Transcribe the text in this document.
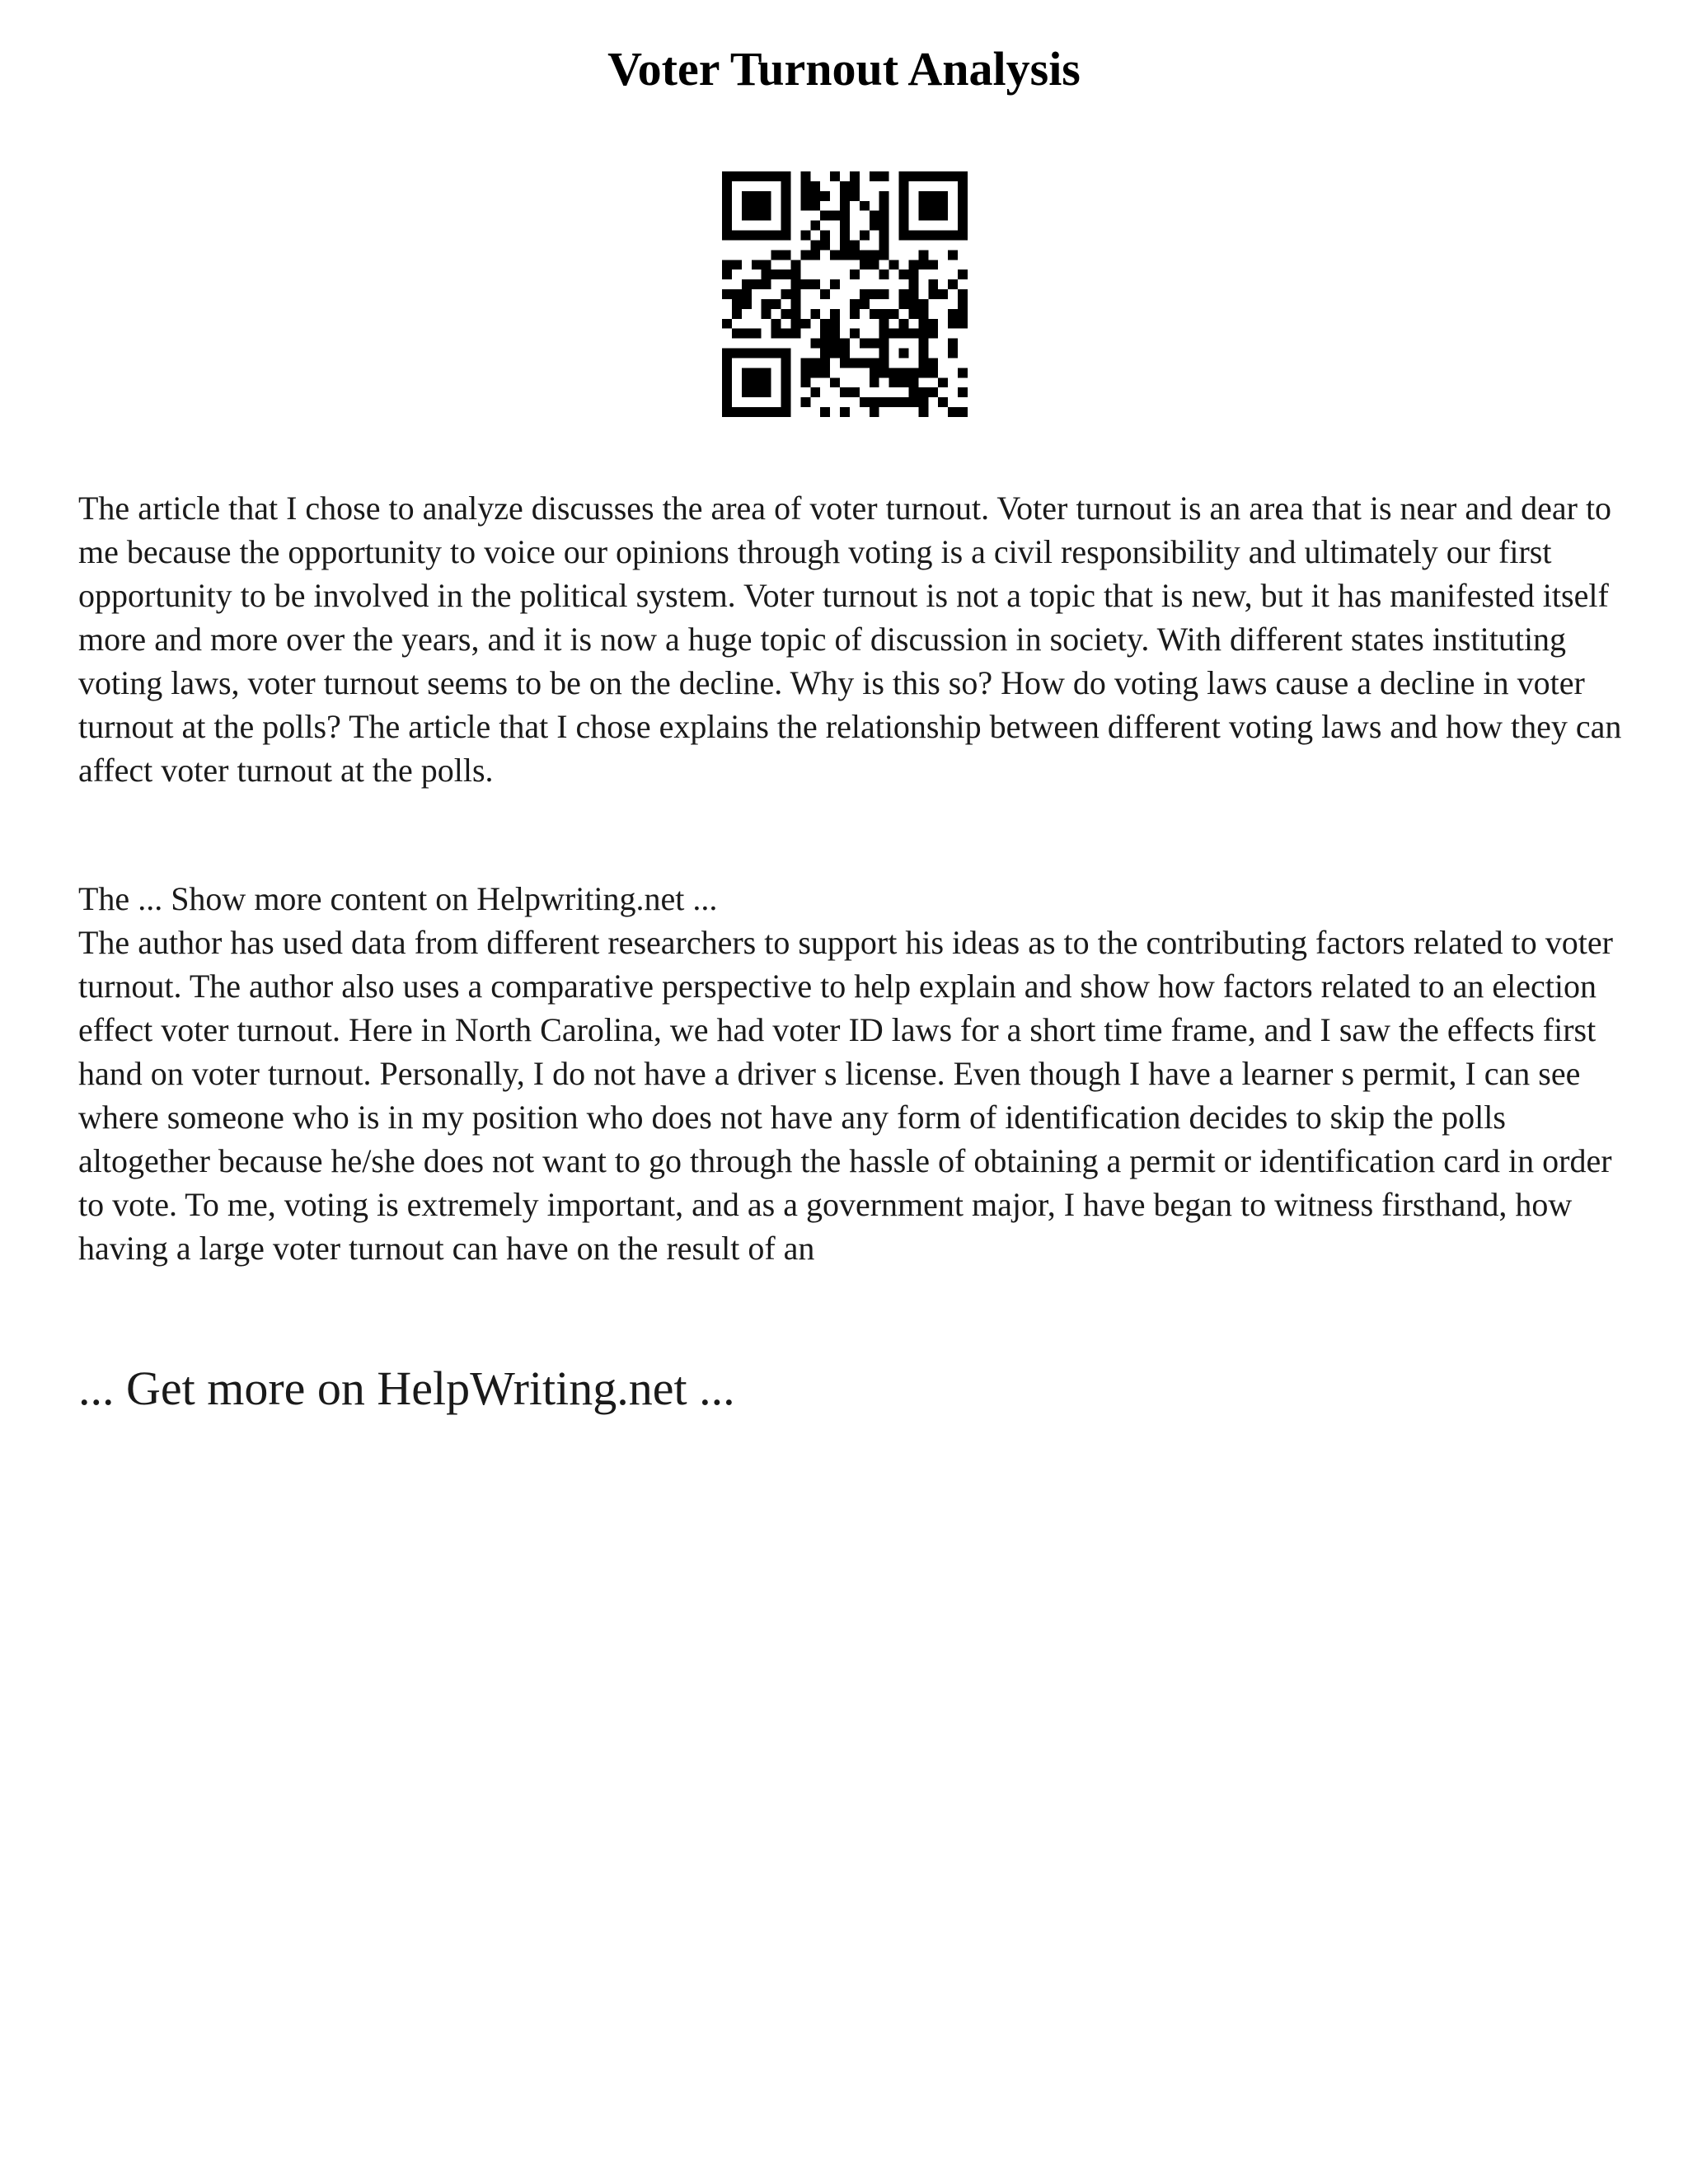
Voter Turnout Analysis

The article that I chose to analyze discusses the area of voter turnout. Voter turnout is an area that is near and dear to me because the opportunity to voice our opinions through voting is a civil responsibility and ultimately our first opportunity to be involved in the political system. Voter turnout is not a topic that is new, but it has manifested itself more and more over the years, and it is now a huge topic of discussion in society. With different states instituting voting laws, voter turnout seems to be on the decline. Why is this so? How do voting laws cause a decline in voter turnout at the polls? The article that I chose explains the relationship between different voting laws and how they can affect voter turnout at the polls.

The ... Show more content on Helpwriting.net ...

The author has used data from different researchers to support his ideas as to the contributing factors related to voter turnout. The author also uses a comparative perspective to help explain and show how factors related to an election effect voter turnout. Here in North Carolina, we had voter ID laws for a short time frame, and I saw the effects first hand on voter turnout. Personally, I do not have a driver s license. Even though I have a learner s permit, I can see where someone who is in my position who does not have any form of identification decides to skip the polls altogether because he/she does not want to go through the hassle of obtaining a permit or identification card in order to vote. To me, voting is extremely important, and as a government major, I have began to witness firsthand, how having a large voter turnout can have on the result of an

... Get more on HelpWriting.net ...
